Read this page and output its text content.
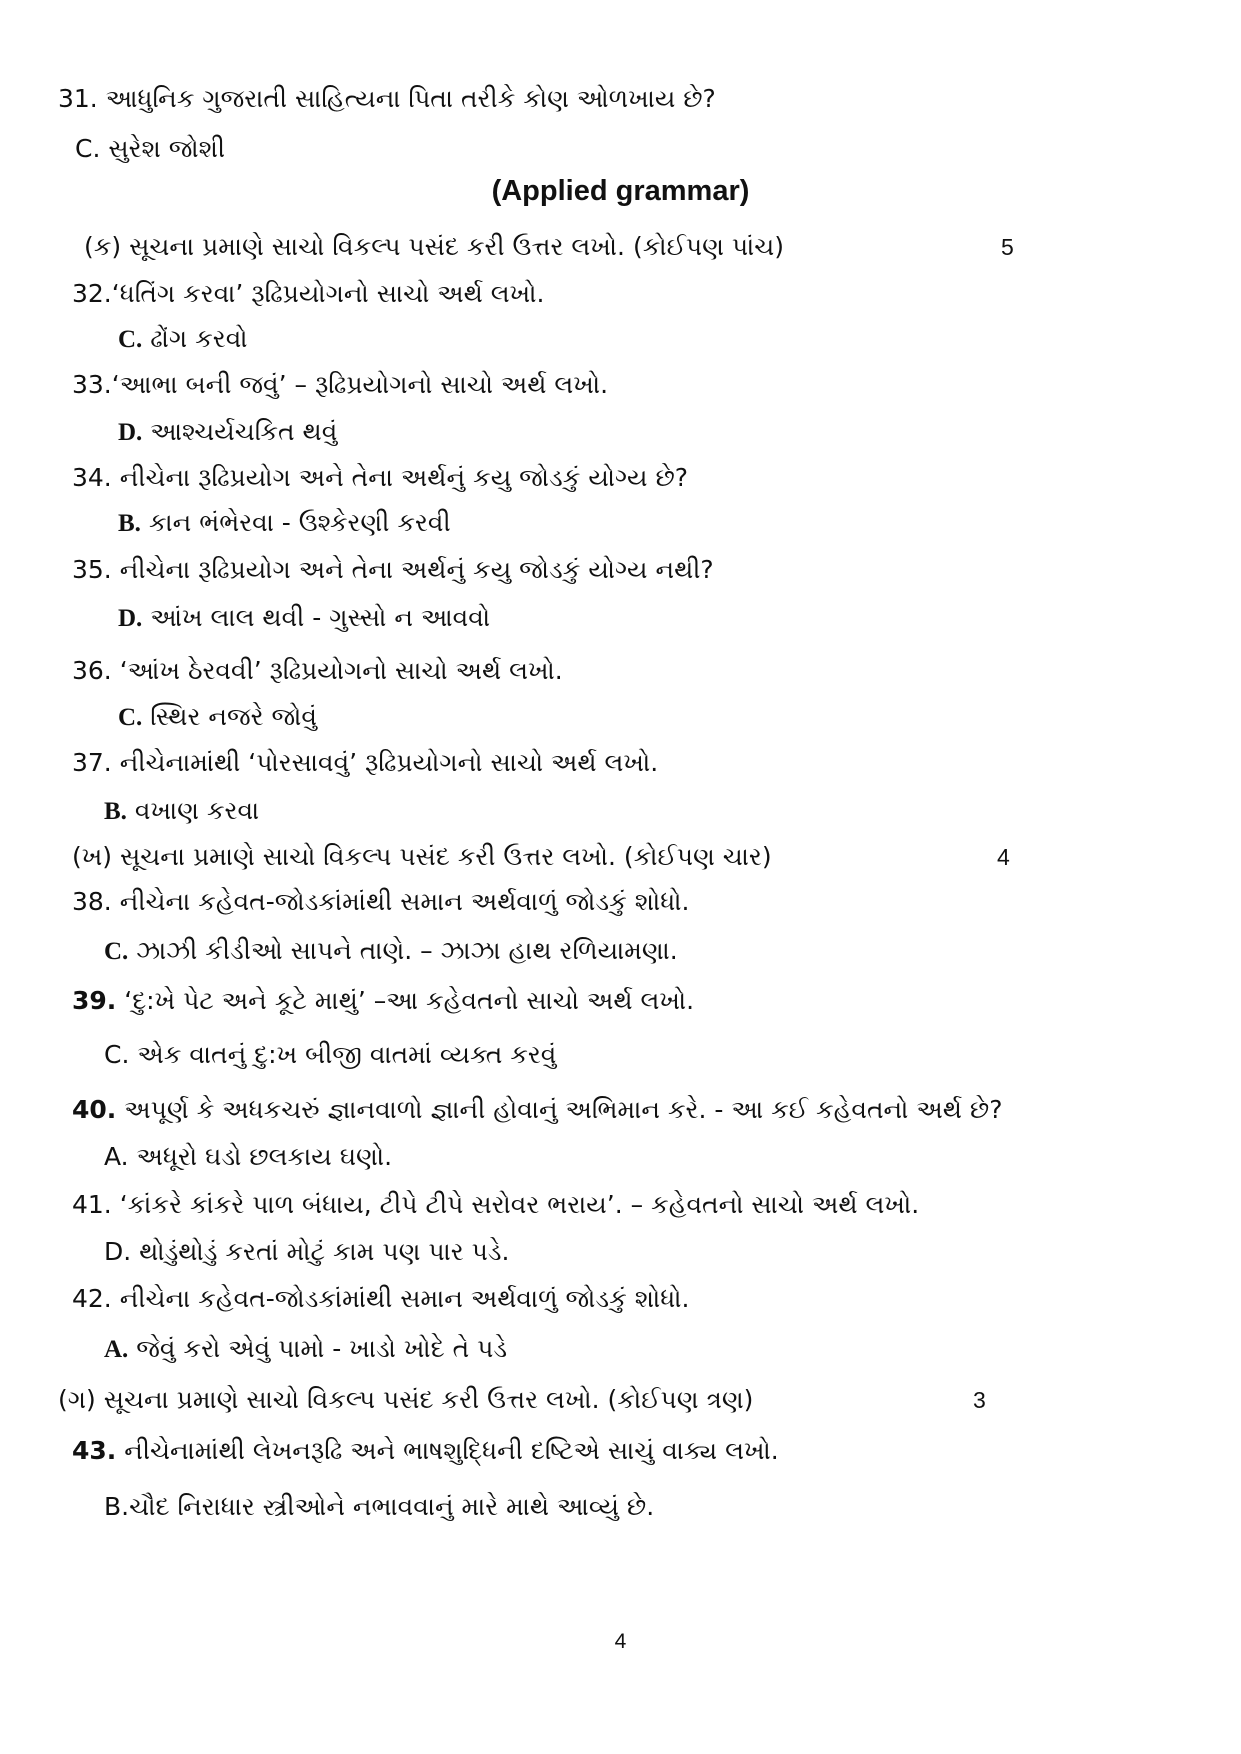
31. આધુનિક ગુજરાતી સાહિત્યના પિતા તરીકે કોણ ઓળખાય છે?
C. સુરેશ જોશી
(Applied grammar)
(ક) સૂચના પ્રમાણે સાચો વિકલ્પ પસંદ કરી ઉત્તર લખો. (કોઈપણ પાંચ)	5
32.‘ધતિંગ કરવા’ રૂઢિપ્રયોગનો સાચો અર્થ લખો.
C. ઢોંગ કરવો
33.‘આભા બની જવું’ – રૂઢિપ્રયોગનો સાચો અર્થ લખો.
D. આશ્ચર્યચકિત થવું
34. નીચેના રૂઢિપ્રયોગ અને તેના અર્થનું કયુ જોડકું યોગ્ય છે?
B. કાન ભંભેરવા - ઉશ્કેરણી કરવી
35. નીચેના રૂઢિપ્રયોગ અને તેના અર્થનું કયુ જોડકું યોગ્ય નથી?
D. આંખ લાલ થવી - ગુસ્સો ન આવવો
36. ‘આંખ ઠેરવવી’ રૂઢિપ્રયોગનો સાચો અર્થ લખો.
C. સ્થિર નજરે જોવું
37. નીચેનામાંથી ‘પોરસાવવું’ રૂઢિપ્રયોગનો સાચો અર્થ લખો.
B. વખાણ કરવા
(ખ) સૂચના પ્રમાણે સાચો વિકલ્પ પસંદ કરી ઉત્તર લખો. (કોઈપણ ચાર)	4
38. નીચેના કહેવત-જોડકાંમાંથી સમાન અર્થવાળું જોડકું શોધો.
C. ઝાઝી કીડીઓ સાપને તાણે. – ઝાઝા હાથ રળિયામણા.
39. ‘દુ:ખે પેટ અને કૂટે માથું’ –આ કહેવતનો સાચો અર્થ લખો.
C. એક વાતનું દુ:ખ બીજી વાતમાં વ્યક્ત કરવું
40. અપૂર્ણ કે અધકચરું જ્ઞાનવાળો જ્ઞાની હોવાનું અભિમાન કરે. - આ કઈ કહેવતનો અર્થ છે?
A. અધૂરો ઘડો છલકાય ઘણો.
41. ‘કાંકરે કાંકરે પાળ બંધાય, ટીપે ટીપે સરોવર ભરાય’. – કહેવતનો સાચો અર્થ લખો.
D. થોડુંથોડું કરતાં મોટું કામ પણ પાર પડે.
42. નીચેના કહેવત-જોડકાંમાંથી સમાન અર્થવાળું જોડકું શોધો.
A. જેવું કરો એવું પામો - ખાડો ખોદે તે પડે
(ગ) સૂચના પ્રમાણે સાચો વિકલ્પ પસંદ કરી ઉત્તર લખો. (કોઈપણ ત્રણ)	3
43. નીચેનામાંથી લેખનરૂઢિ અને ભાષશુદ્ધિની દષ્ટિએ સાચું વાક્ય લખો.
B.ચૌદ નિરાધાર સ્ત્રીઓને નભાવવાનું મારે માથે આવ્યું છે.
4
